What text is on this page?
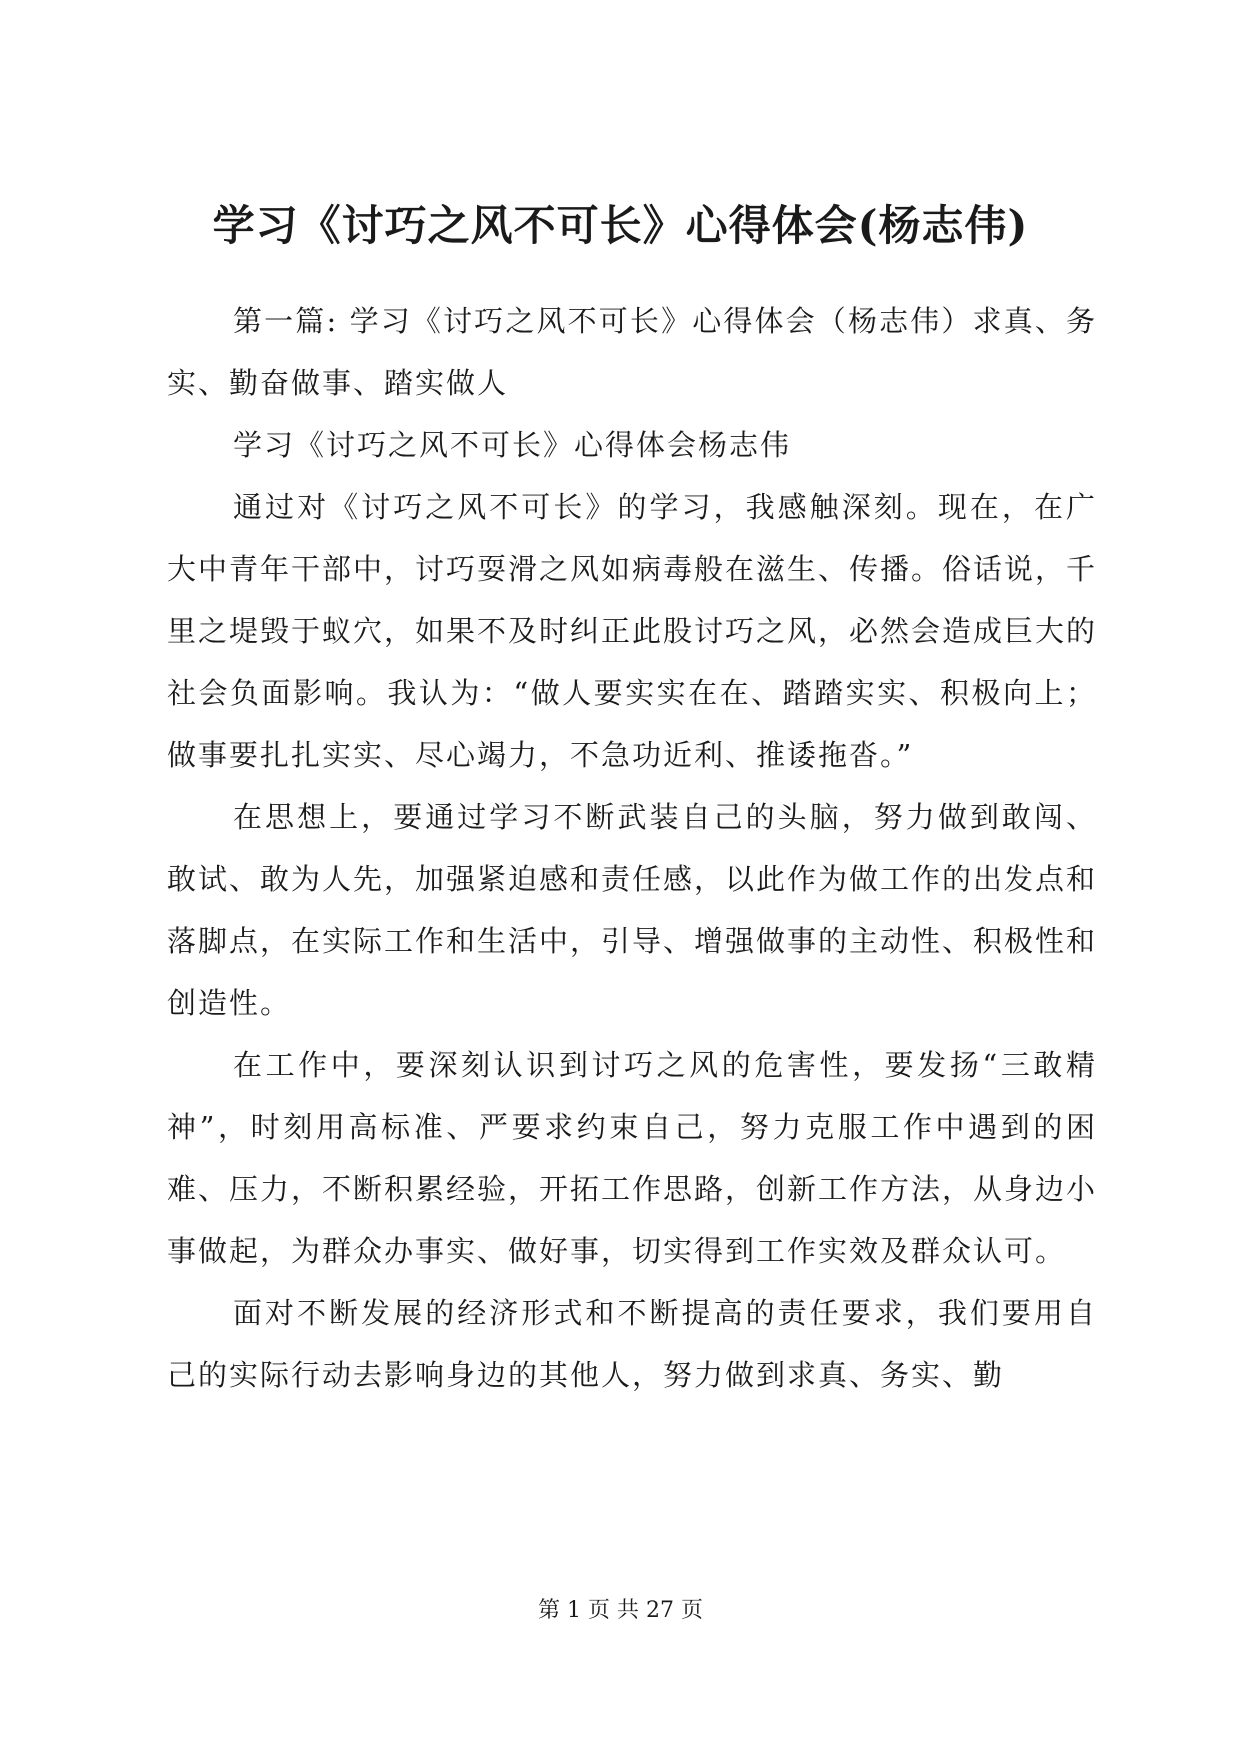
学习《讨巧之风不可长》心得体会(杨志伟)

第一篇: 学习《讨巧之风不可长》心得体会（杨志伟）求真、务实、勤奋做事、踏实做人

学习《讨巧之风不可长》心得体会杨志伟

通过对《讨巧之风不可长》的学习，我感触深刻。现在，在广大中青年干部中，讨巧耍滑之风如病毒般在滋生、传播。俗话说，千里之堤毁于蚁穴，如果不及时纠正此股讨巧之风，必然会造成巨大的社会负面影响。我认为：“做人要实实在在、踏踏实实、积极向上；做事要扎扎实实、尽心竭力，不急功近利、推诿拖沓。”

在思想上，要通过学习不断武装自己的头脑，努力做到敢闯、敢试、敢为人先，加强紧迫感和责任感，以此作为做工作的出发点和落脚点，在实际工作和生活中，引导、增强做事的主动性、积极性和创造性。

在工作中，要深刻认识到讨巧之风的危害性，要发扬“三敢精神”，时刻用高标准、严要求约束自己，努力克服工作中遇到的困难、压力，不断积累经验，开拓工作思路，创新工作方法，从身边小事做起，为群众办事实、做好事，切实得到工作实效及群众认可。

面对不断发展的经济形式和不断提高的责任要求，我们要用自己的实际行动去影响身边的其他人，努力做到求真、务实、勤

第 1 页 共 27 页
